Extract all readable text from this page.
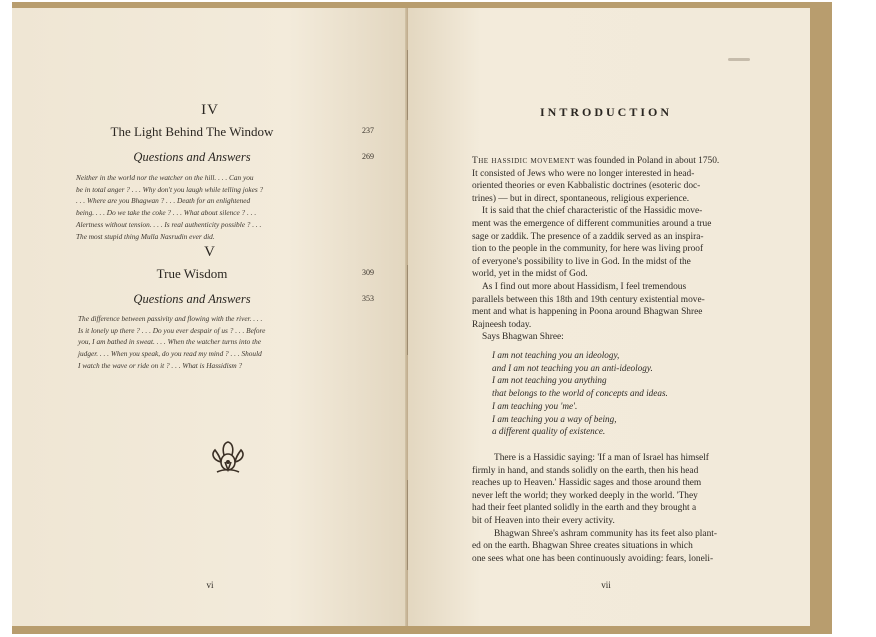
IV
The Light Behind The Window	237
Questions and Answers	269
Neither in the world nor the watcher on the hill. . . . Can you
be in total anger ? . . . Why don't you laugh while telling jokes ?
. . . Where are you Bhagwan ? . . . Death for an enlightened
being. . . . Do we take the coke ? . . . What about silence ? . . .
Alertness without tension. . . . Is real authenticity possible ? . . .
The most stupid thing Mulla Nasrudin ever did.
V
True Wisdom	309
Questions and Answers	353
The difference between passivity and flowing with the river. . . .
Is it lonely up there ? . . . Do you ever despair of us ? . . . Before
you, I am bathed in sweat. . . . When the watcher turns into the
judger. . . . When you speak, do you read my mind ? . . . Should
I watch the wave or ride on it ? . . . What is Hassidism ?
vi
INTRODUCTION
The hassidic movement was founded in Poland in about 1750.
It consisted of Jews who were no longer interested in head-
oriented theories or even Kabbalistic doctrines (esoteric doc-
trines) — but in direct, spontaneous, religious experience.
It is said that the chief characteristic of the Hassidic move-
ment was the emergence of different communities around a true
sage or zaddik. The presence of a zaddik served as an inspira-
tion to the people in the community, for here was living proof
of everyone's possibility to live in God. In the midst of the
world, yet in the midst of God.
As I find out more about Hassidism, I feel tremendous
parallels between this 18th and 19th century existential move-
ment and what is happening in Poona around Bhagwan Shree
Rajneesh today.
Says Bhagwan Shree:
I am not teaching you an ideology,
and I am not teaching you an anti-ideology.
I am not teaching you anything
that belongs to the world of concepts and ideas.
I am teaching you 'me'.
I am teaching you a way of being,
a different quality of existence.
There is a Hassidic saying: 'If a man of Israel has himself
firmly in hand, and stands solidly on the earth, then his head
reaches up to Heaven.' Hassidic sages and those around them
never left the world; they worked deeply in the world. 'They
had their feet planted solidly in the earth and they brought a
bit of Heaven into their every activity.
Bhagwan Shree's ashram community has its feet also plant-
ed on the earth. Bhagwan Shree creates situations in which
one sees what one has been continuously avoiding: fears, loneli-
vii
